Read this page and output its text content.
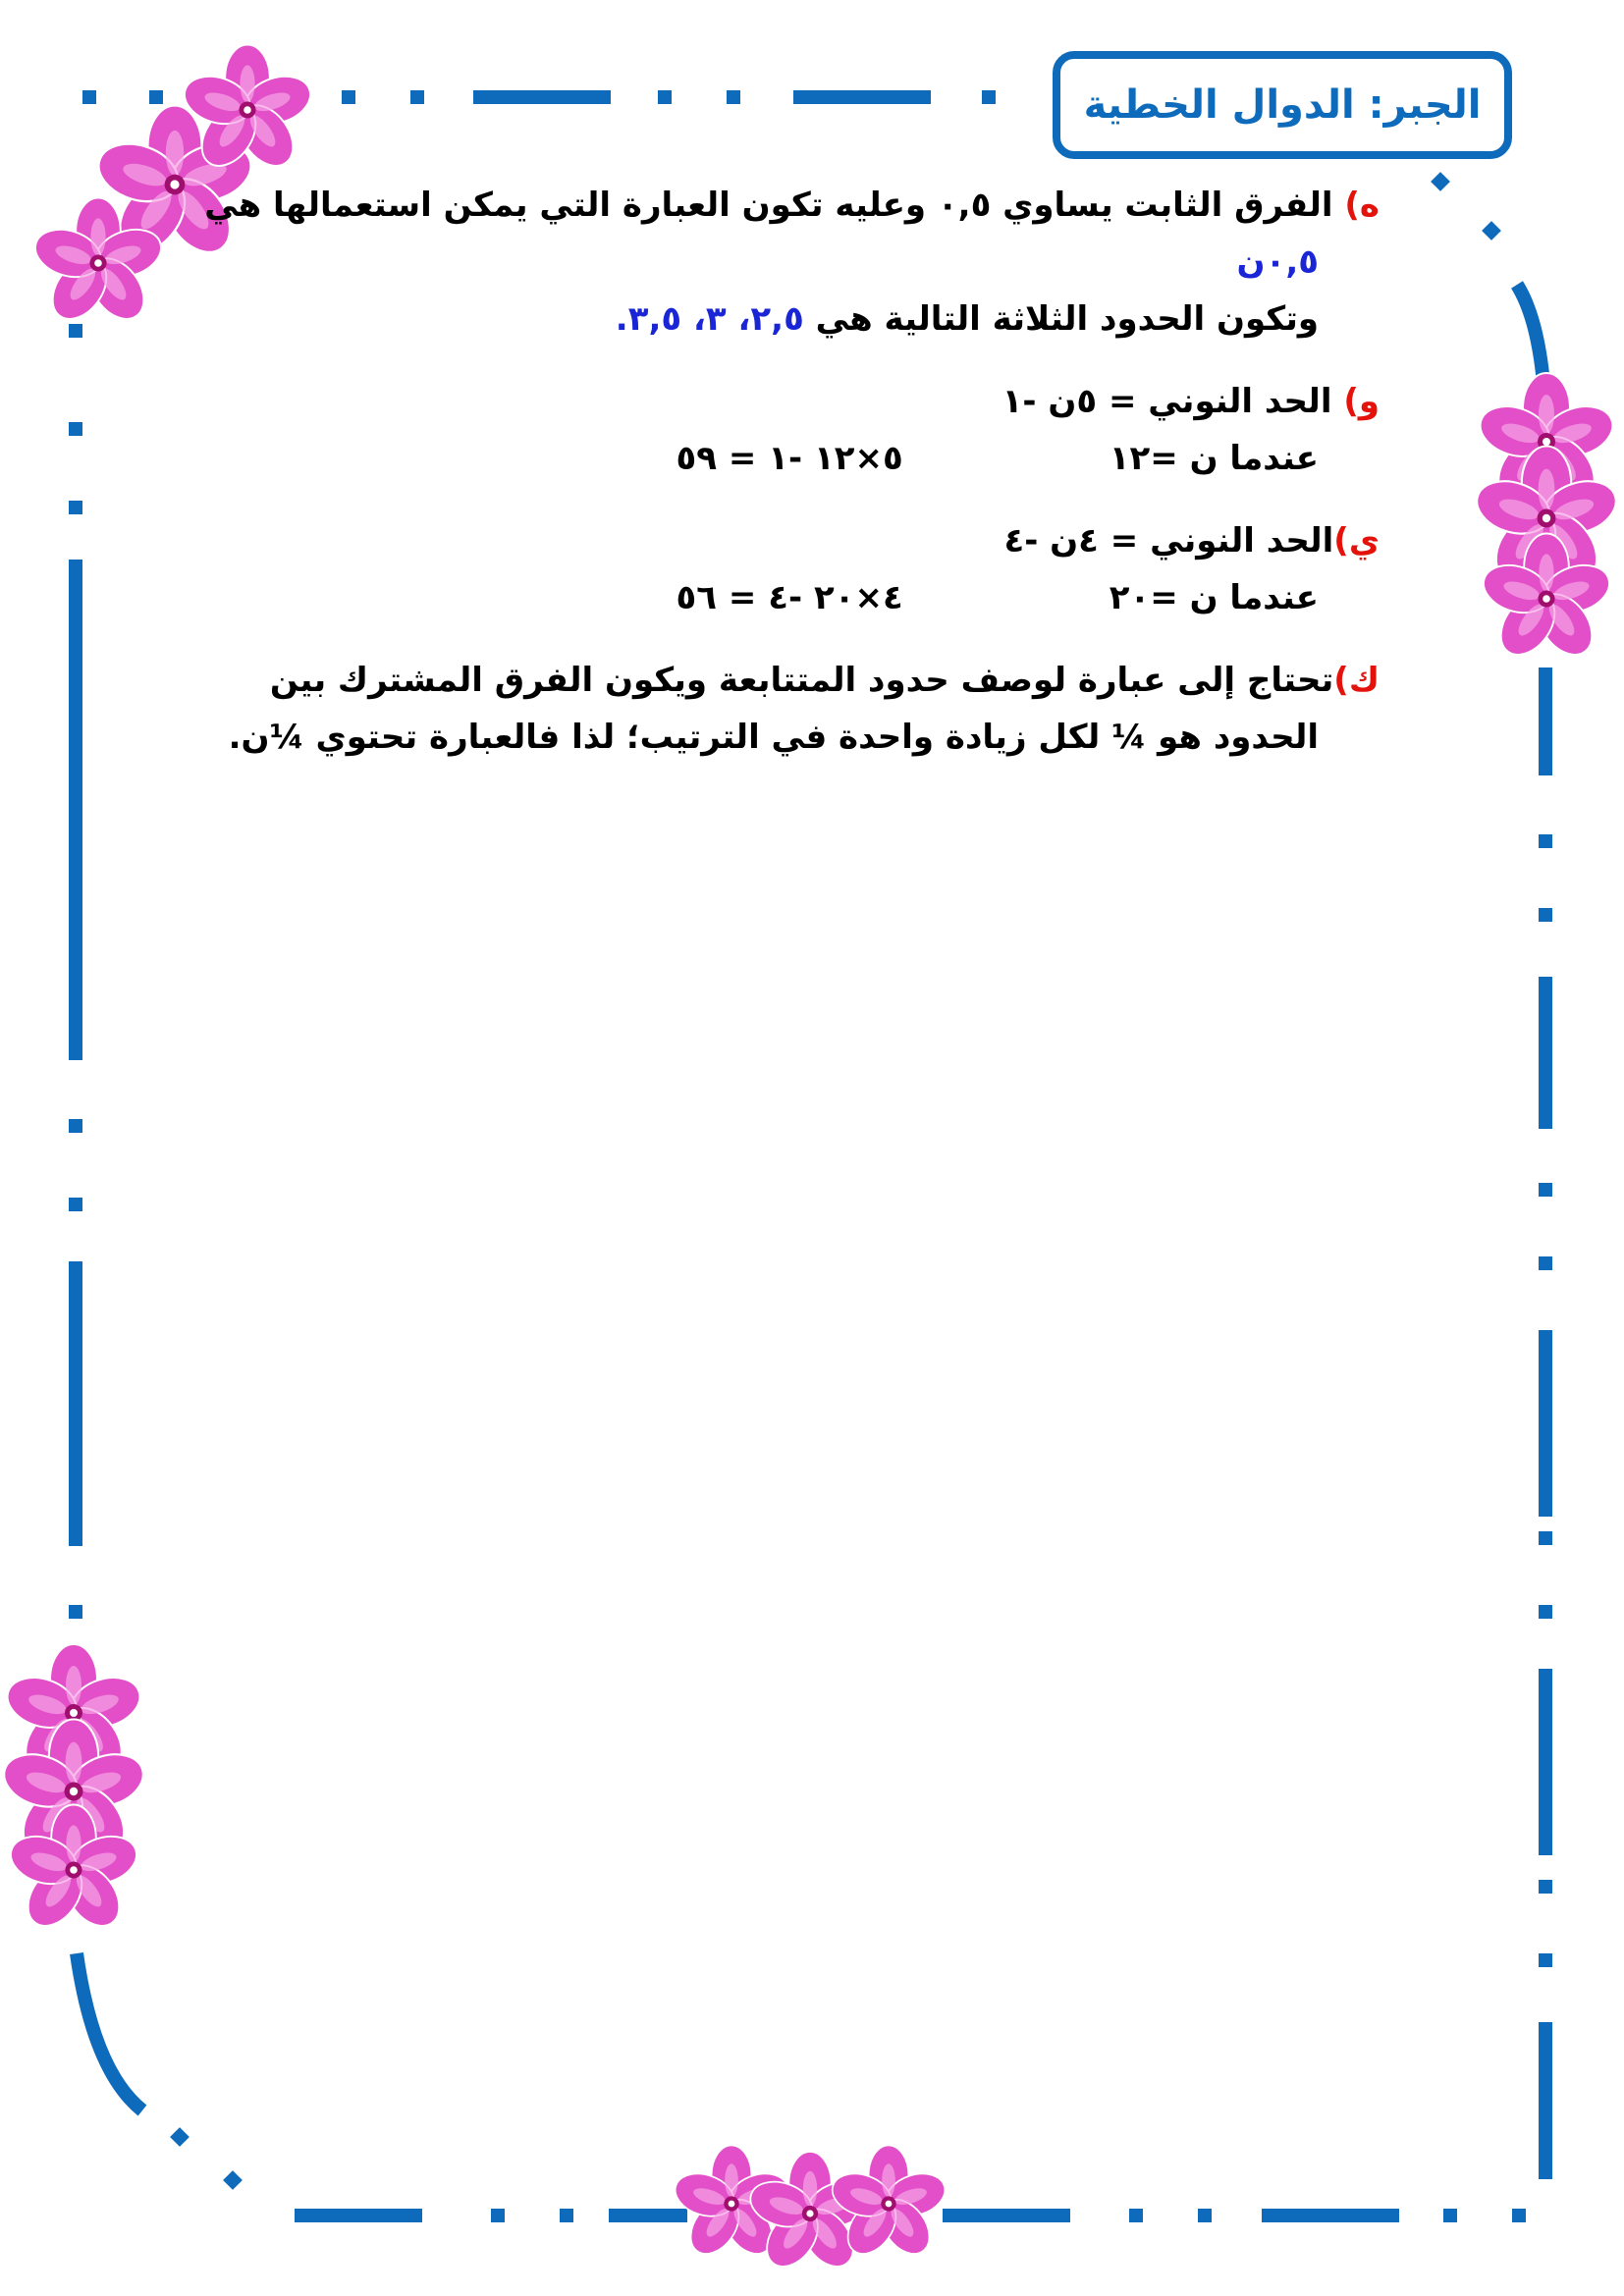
الجبر: الدوال الخطية
ه) الفرق الثابت يساوي ٠,٥ وعليه تكون العبارة التي يمكن استعمالها هي
٠,٥ن
وتكون الحدود الثلاثة التالية هي ٢,٥، ٣، ٣,٥.
و) الحد النوني = ٥ن -١
عندما ن =١٢
٥×١٢ -١ = ٥٩
ي)الحد النوني = ٤ن -٤
عندما ن =٢٠
٤×٢٠ -٤ = ٥٦
ك)تحتاج إلى عبارة لوصف حدود المتتابعة ويكون الفرق المشترك بين
الحدود هو ¼ لكل زيادة واحدة في الترتيب؛ لذا فالعبارة تحتوي ¼ن.
